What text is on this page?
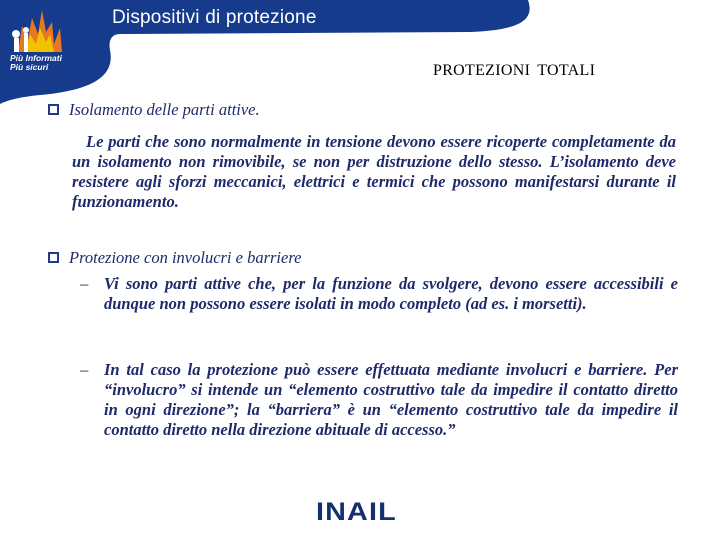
Più Informati
Più sicuri
Dispositivi di protezione
PROTEZIONI TOTALI
Isolamento delle parti attive.
Le parti che sono normalmente in tensione devono essere ricoperte completamente da un isolamento non rimovibile, se non per distruzione dello stesso. L’isolamento deve resistere agli sforzi meccanici, elettrici e termici che possono manifestarsi durante il funzionamento.
Protezione con involucri e barriere
– Vi sono parti attive che, per la funzione da svolgere, devono essere accessibili e dunque non possono essere isolati in modo completo (ad es. i morsetti).
– In tal caso la protezione può essere effettuata mediante involucri e barriere. Per “involucro” si intende un “elemento costruttivo tale da impedire il contatto diretto in ogni direzione”; la “barriera” è un “elemento costruttivo tale da impedire il contatto diretto nella direzione abituale di accesso.”
INAIL
